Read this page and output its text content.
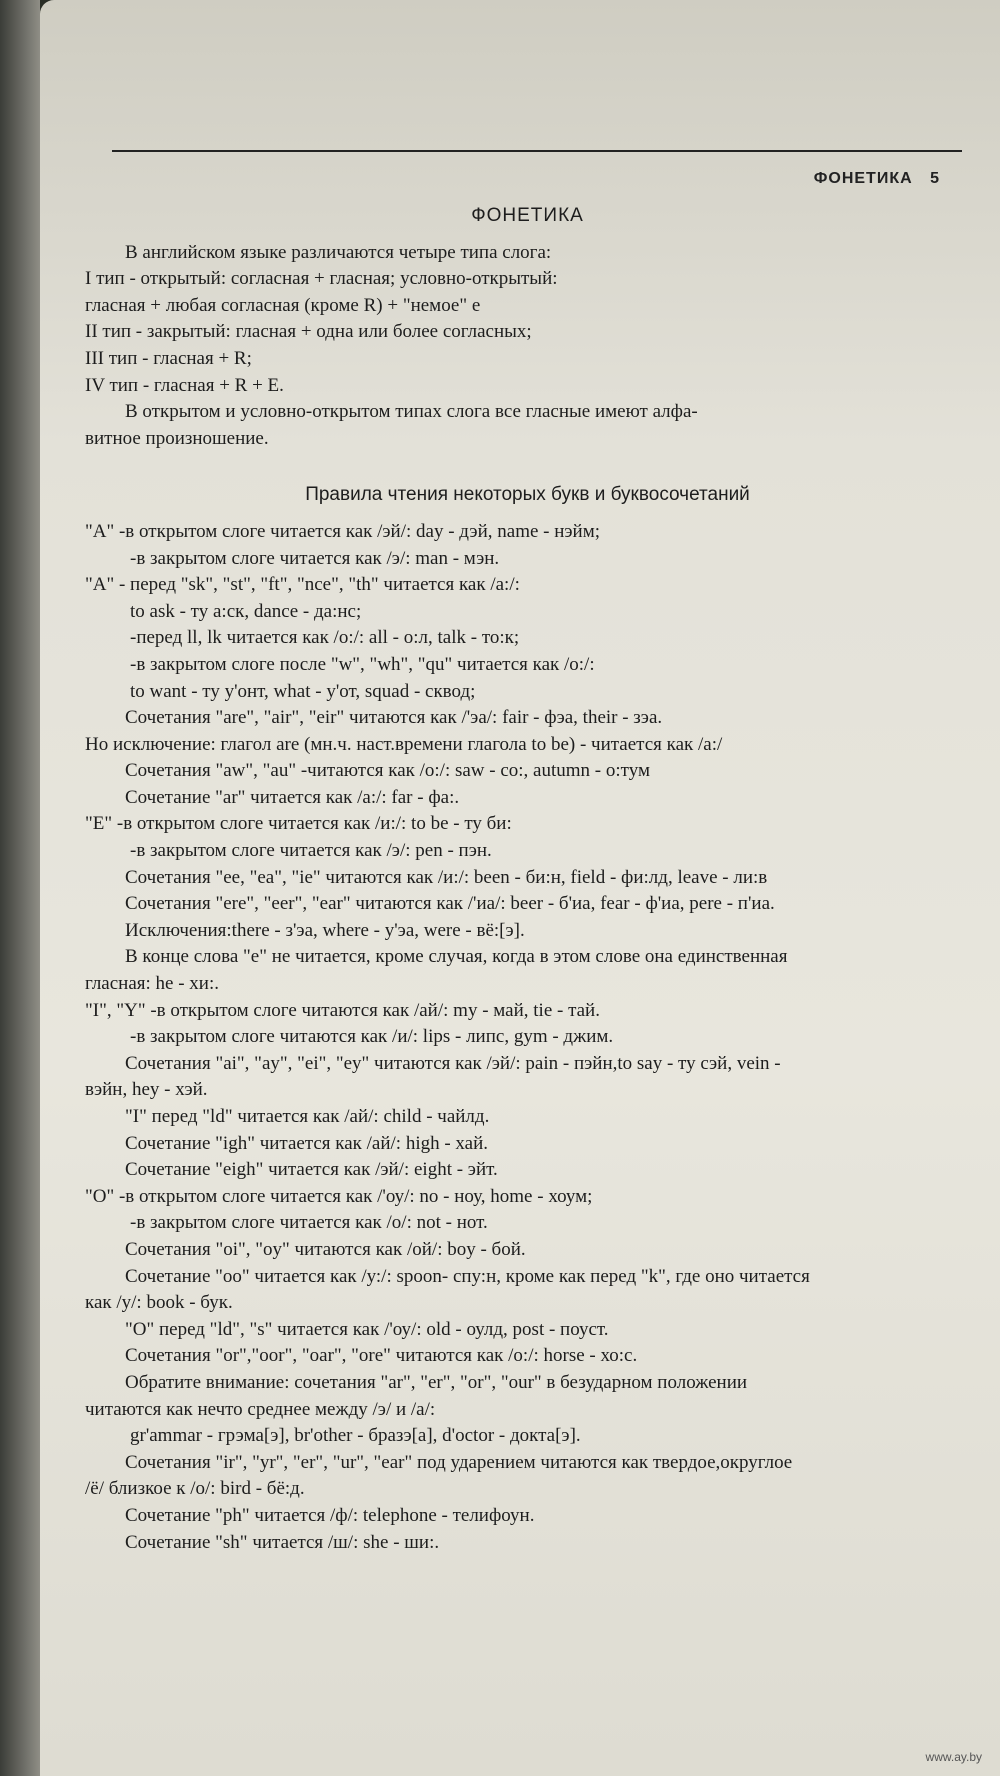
ФОНЕТИКА 5
ФОНЕТИКА
В английском языке различаются четыре типа слога:
I тип - открытый: согласная + гласная; условно-открытый:
гласная + любая согласная (кроме R) + "немое" е
II тип - закрытый: гласная + одна или более согласных;
III тип - гласная + R;
IV тип - гласная + R + E.
В открытом и условно-открытом типах слога все гласные имеют алфа-
витное произношение.
Правила чтения некоторых букв и буквосочетаний
"A" -в открытом слоге читается как /эй/: day - дэй, name - нэйм;
-в закрытом слоге читается как /э/: man - мэн.
"A" - перед "sk", "st", "ft", "nce", "th" читается как /а:/:
to ask - ту а:ск, dance - да:нс;
-перед ll, lk читается как /о:/: all - о:л, talk - то:к;
-в закрытом слоге после "w", "wh", "qu" читается как /о:/:
to want - ту у'онт, what - у'от, squad - сквод;
Сочетания "are", "air", "eir" читаются как /'эа/: fair - фэа, their - зэа.
Но исключение: глагол are (мн.ч. наст.времени глагола to be) - читается как /а:/
Сочетания "aw", "au" -читаются как /о:/: saw - со:, autumn - о:тум
Сочетание "ar" читается как /а:/: far - фа:.
"E" -в открытом слоге читается как /и:/: to be - ту би:
-в закрытом слоге читается как /э/: pen - пэн.
Сочетания "ee, "ea", "ie" читаются как /и:/: been - би:н, field - фи:лд, leave - ли:в
Сочетания "ere", "eer", "ear" читаются как /'иа/: beer - б'иа, fear - ф'иа, pere - п'иа.
Исключения:there - з'эа, where - у'эа, were - вё:[э].
В конце слова "е" не читается, кроме случая, когда в этом слове она единственная
гласная: he - хи:.
"I", "Y" -в открытом слоге читаются как /ай/: my - май, tie - тай.
-в закрытом слоге читаются как /и/: lips - липс, gym - джим.
Сочетания "ai", "ay", "ei", "ey" читаются как /эй/: pain - пэйн,to say - ту сэй, vein -
вэйн, hey - хэй.
"I" перед "ld" читается как /ай/: child - чайлд.
Сочетание "igh" читается как /ай/: high - хай.
Сочетание "eigh" читается как /эй/: eight - эйт.
"O" -в открытом слоге читается как /'оу/: no - ноу, home - хоум;
-в закрытом слоге читается как /о/: not - нот.
Сочетания "oi", "oy" читаются как /ой/: boy - бой.
Сочетание "oo" читается как /у:/: spoon- спу:н, кроме как перед "k", где оно читается
как /у/: book - бук.
"O" перед "ld", "s" читается как /'оу/: old - оулд, post - поуст.
Сочетания "or","oor", "oar", "ore" читаются как /о:/: horse - хо:с.
Обратите внимание: сочетания "ar", "er", "or", "our" в безударном положении
читаются как нечто среднее между /э/ и /а/:
gr'ammar - грэма[э], br'other - бразэ[а], d'octor - докта[э].
Сочетания "ir", "yr", "er", "ur", "ear" под ударением читаются как твердое,округлое
/ё/ близкое к /о/: bird - бё:д.
Сочетание "ph" читается /ф/: telephone - телифоун.
Сочетание "sh" читается /ш/: she - ши:.
www.ay.by
